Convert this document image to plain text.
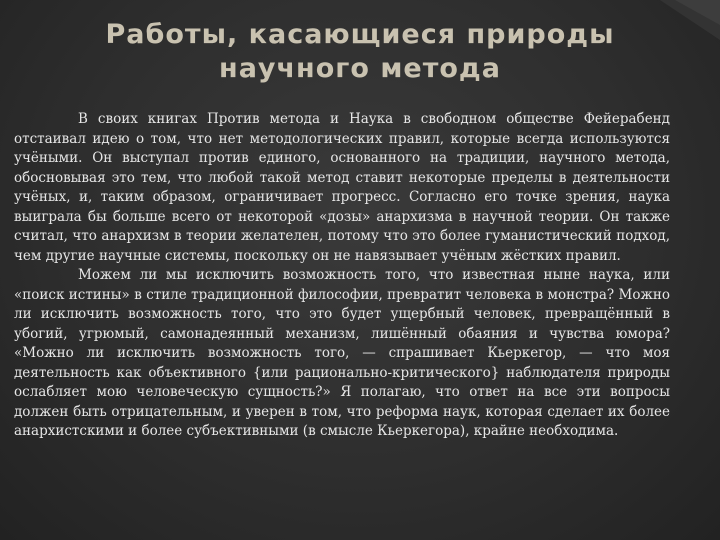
Работы, касающиеся природы
научного метода

В своих книгах Против метода и Наука в свободном обществе Фейерабенд отстаивал идею о том, что нет методологических правил, которые всегда используются учёными. Он выступал против единого, основанного на традиции, научного метода, обосновывая это тем, что любой такой метод ставит некоторые пределы в деятельности учёных, и, таким образом, ограничивает прогресс. Согласно его точке зрения, наука выиграла бы больше всего от некоторой «дозы» анархизма в научной теории. Он также считал, что анархизм в теории желателен, потому что это более гуманистический подход, чем другие научные системы, поскольку он не навязывает учёным жёстких правил.

Можем ли мы исключить возможность того, что известная ныне наука, или «поиск истины» в стиле традиционной философии, превратит человека в монстра? Можно ли исключить возможность того, что это будет ущербный человек, превращённый в убогий, угрюмый, самонадеянный механизм, лишённый обаяния и чувства юмора? «Можно ли исключить возможность того, — спрашивает Кьеркегор, — что моя деятельность как объективного {или рационально-критического} наблюдателя природы ослабляет мою человеческую сущность?» Я полагаю, что ответ на все эти вопросы должен быть отрицательным, и уверен в том, что реформа наук, которая сделает их более анархистскими и более субъективными (в смысле Кьеркегора), крайне необходима.
